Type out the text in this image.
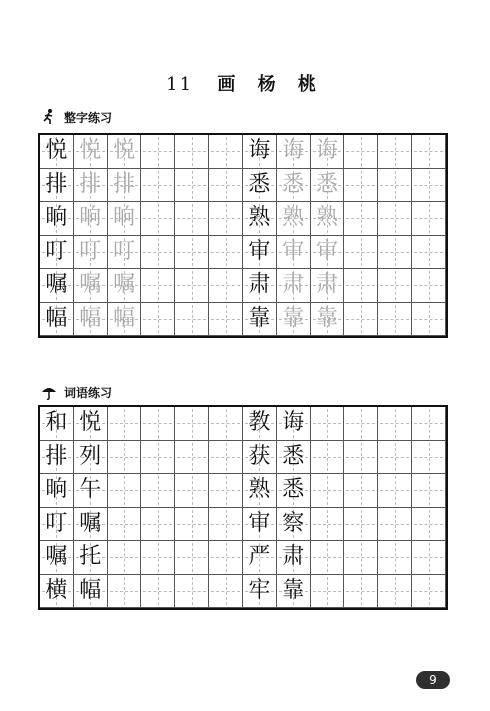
11 画 杨 桃
整字练习
悦 悦 悦	诲 诲 诲
排 排 排	悉 悉 悉
晌 晌 晌	熟 熟 熟
叮 叮 叮	审 审 审
嘱 嘱 嘱	肃 肃 肃
幅 幅 幅	靠 靠 靠
词语练习
和 悦	教 诲
排 列	获 悉
晌 午	熟 悉
叮 嘱	审 察
嘱 托	严 肃
横 幅	牢 靠
9
